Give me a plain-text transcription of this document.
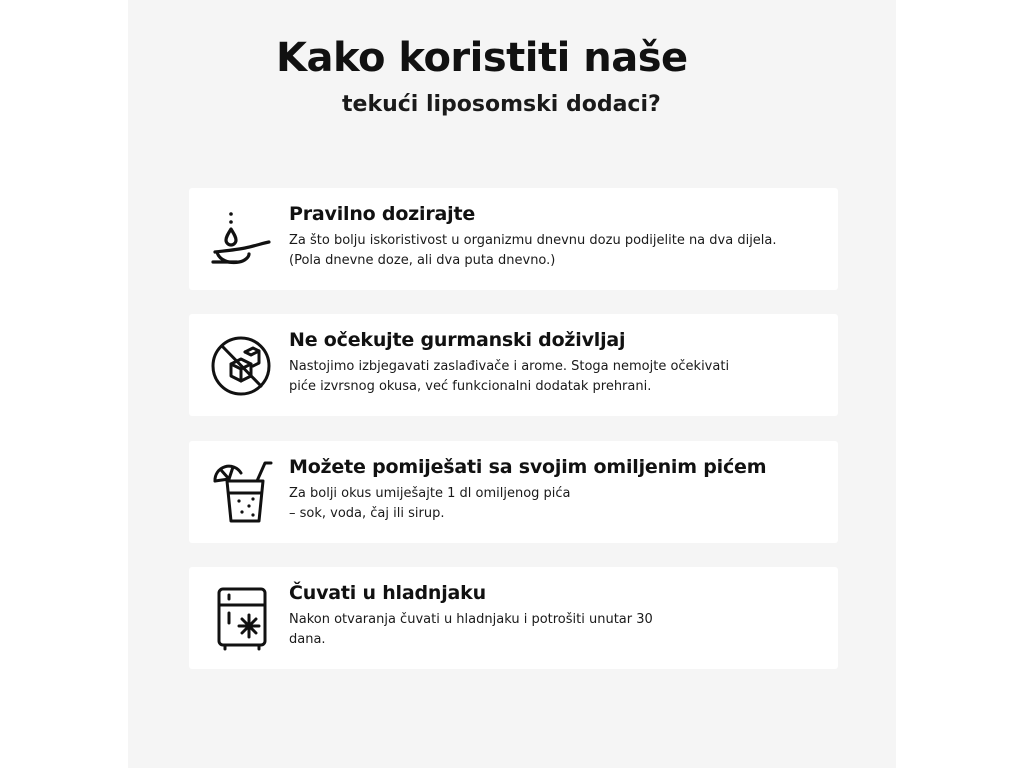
Kako koristiti naše
tekući liposomski dodaci?
Pravilno dozirajte

Za što bolju iskoristivost u organizmu dnevnu dozu podijelite na dva dijela.
(Pola dnevne doze, ali dva puta dnevno.)

Ne očekujte gurmanski doživljaj

Nastojimo izbjegavati zaslađivače i arome. Stoga nemojte očekivati
piće izvrsnog okusa, već funkcionalni dodatak prehrani.

Možete pomiješati sa svojim omiljenim pićem

Za bolji okus umiješajte 1 dl omiljenog pića
– sok, voda, čaj ili sirup.

Čuvati u hladnjaku

Nakon otvaranja čuvati u hladnjaku i potrošiti unutar 30
dana.
